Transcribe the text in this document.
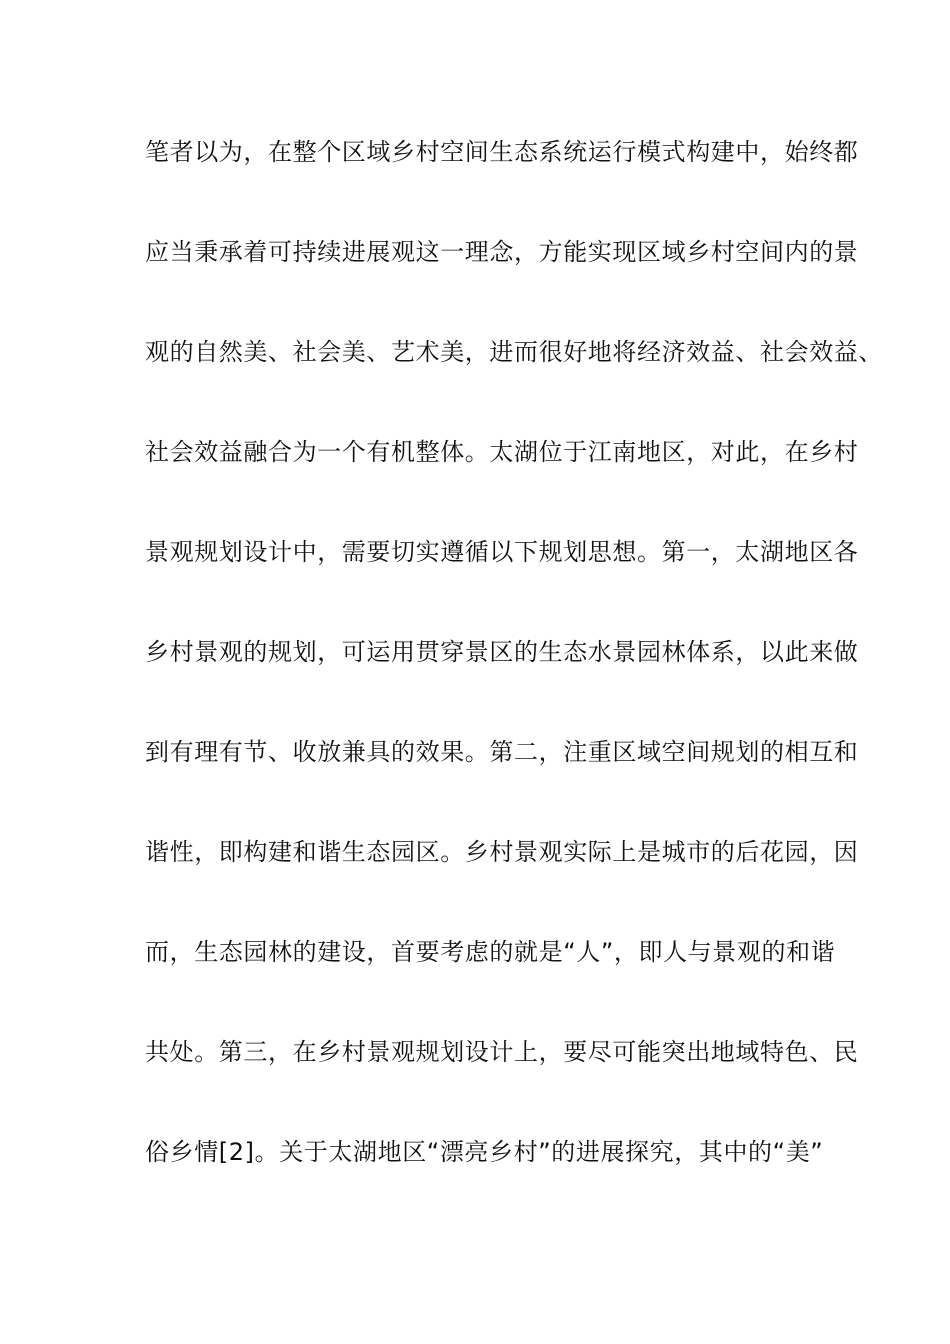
笔者以为，在整个区域乡村空间生态系统运行模式构建中，始终都
应当秉承着可持续进展观这一理念，方能实现区域乡村空间内的景
观的自然美、社会美、艺术美，进而很好地将经济效益、社会效益、
社会效益融合为一个有机整体。太湖位于江南地区，对此，在乡村
景观规划设计中，需要切实遵循以下规划思想。第一，太湖地区各
乡村景观的规划，可运用贯穿景区的生态水景园林体系，以此来做
到有理有节、收放兼具的效果。第二，注重区域空间规划的相互和
谐性，即构建和谐生态园区。乡村景观实际上是城市的后花园，因
而，生态园林的建设，首要考虑的就是“人”，即人与景观的和谐
共处。第三，在乡村景观规划设计上，要尽可能突出地域特色、民
俗乡情[2]。关于太湖地区“漂亮乡村”的进展探究，其中的“美”
